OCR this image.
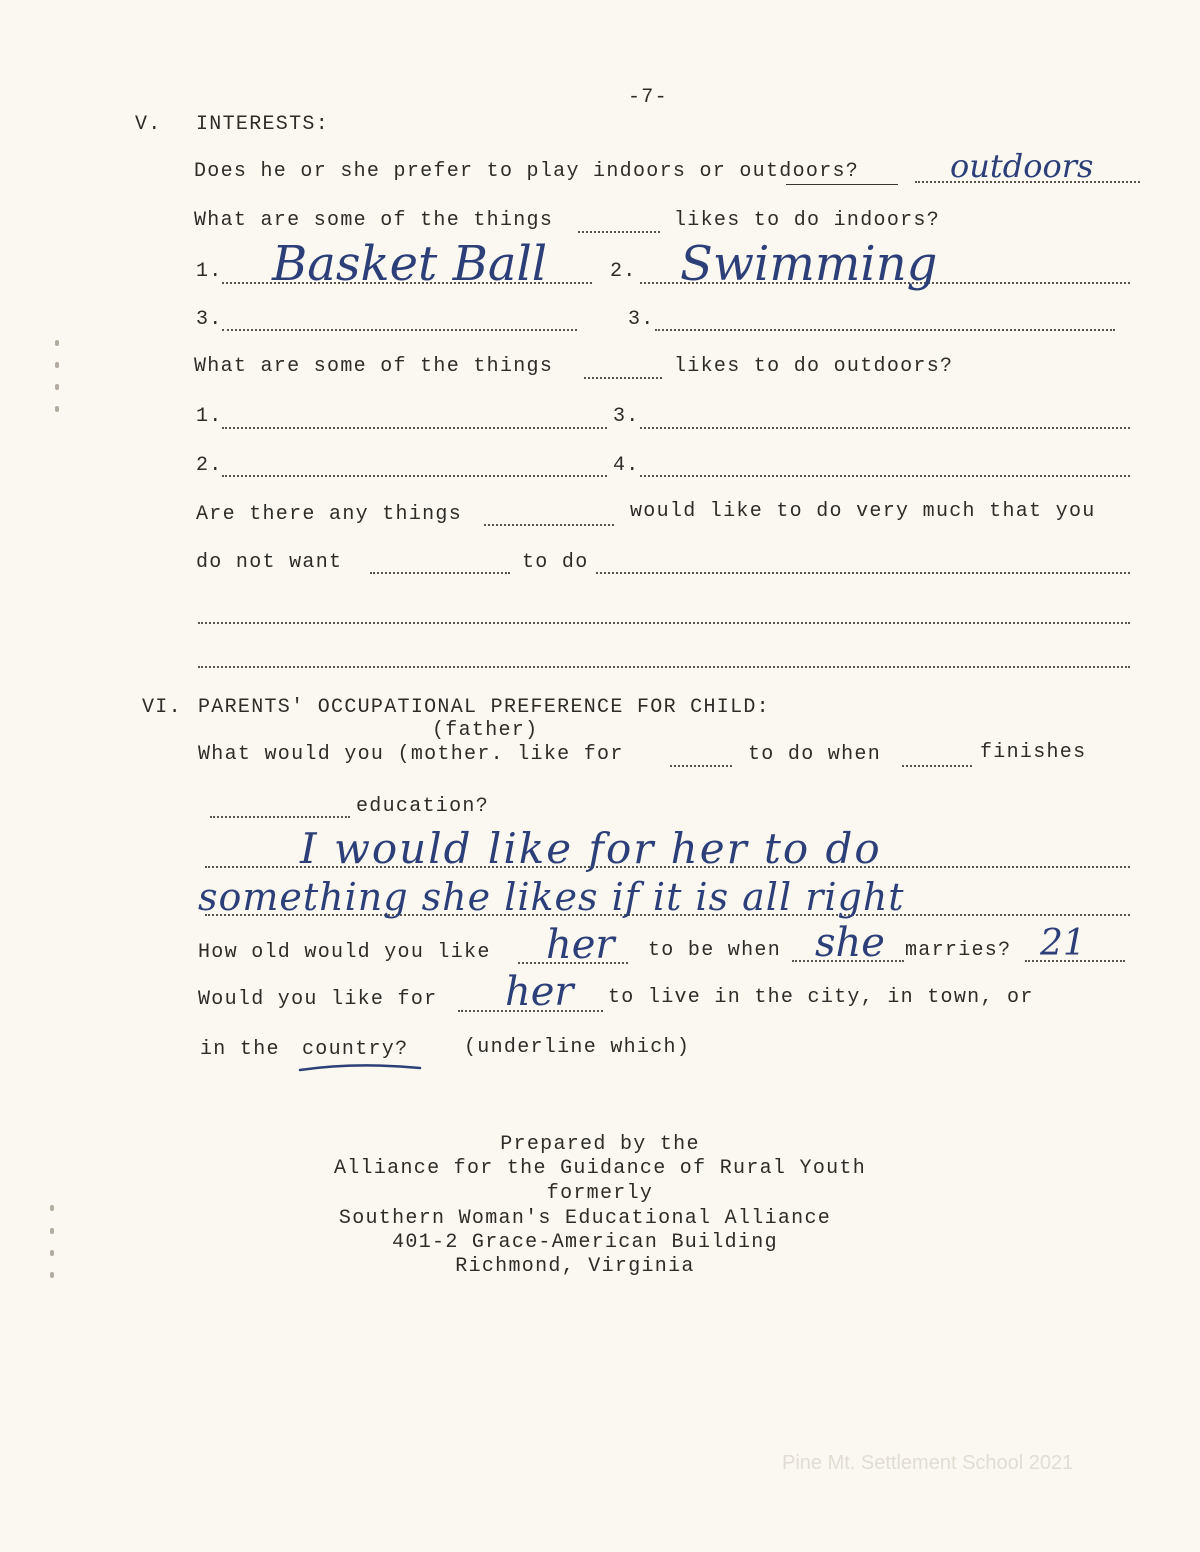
-7-
V. INTERESTS:
Does he or she prefer to play indoors or outdoors?	outdoors
What are some of the things	likes to do indoors?
1. Basket Ball	2. Swimming
3.	3.
What are some of the things	likes to do outdoors?
1.	3.
2.	4.
Are there any things	would like to do very much that you
do not want	to do
VI. PARENTS' OCCUPATIONAL PREFERENCE FOR CHILD:
(father)
What would you (mother. like for	to do when	finishes
education?
I would like for her to do
something she likes if it is all right
How old would you like her to be when she marries? 21
Would you like for her to live in the city, in town, or
in the country?	(underline which)
Prepared by the
Alliance for the Guidance of Rural Youth
formerly
Southern Woman's Educational Alliance
401-2 Grace-American Building
Richmond, Virginia
Pine Mt. Settlement School 2021
